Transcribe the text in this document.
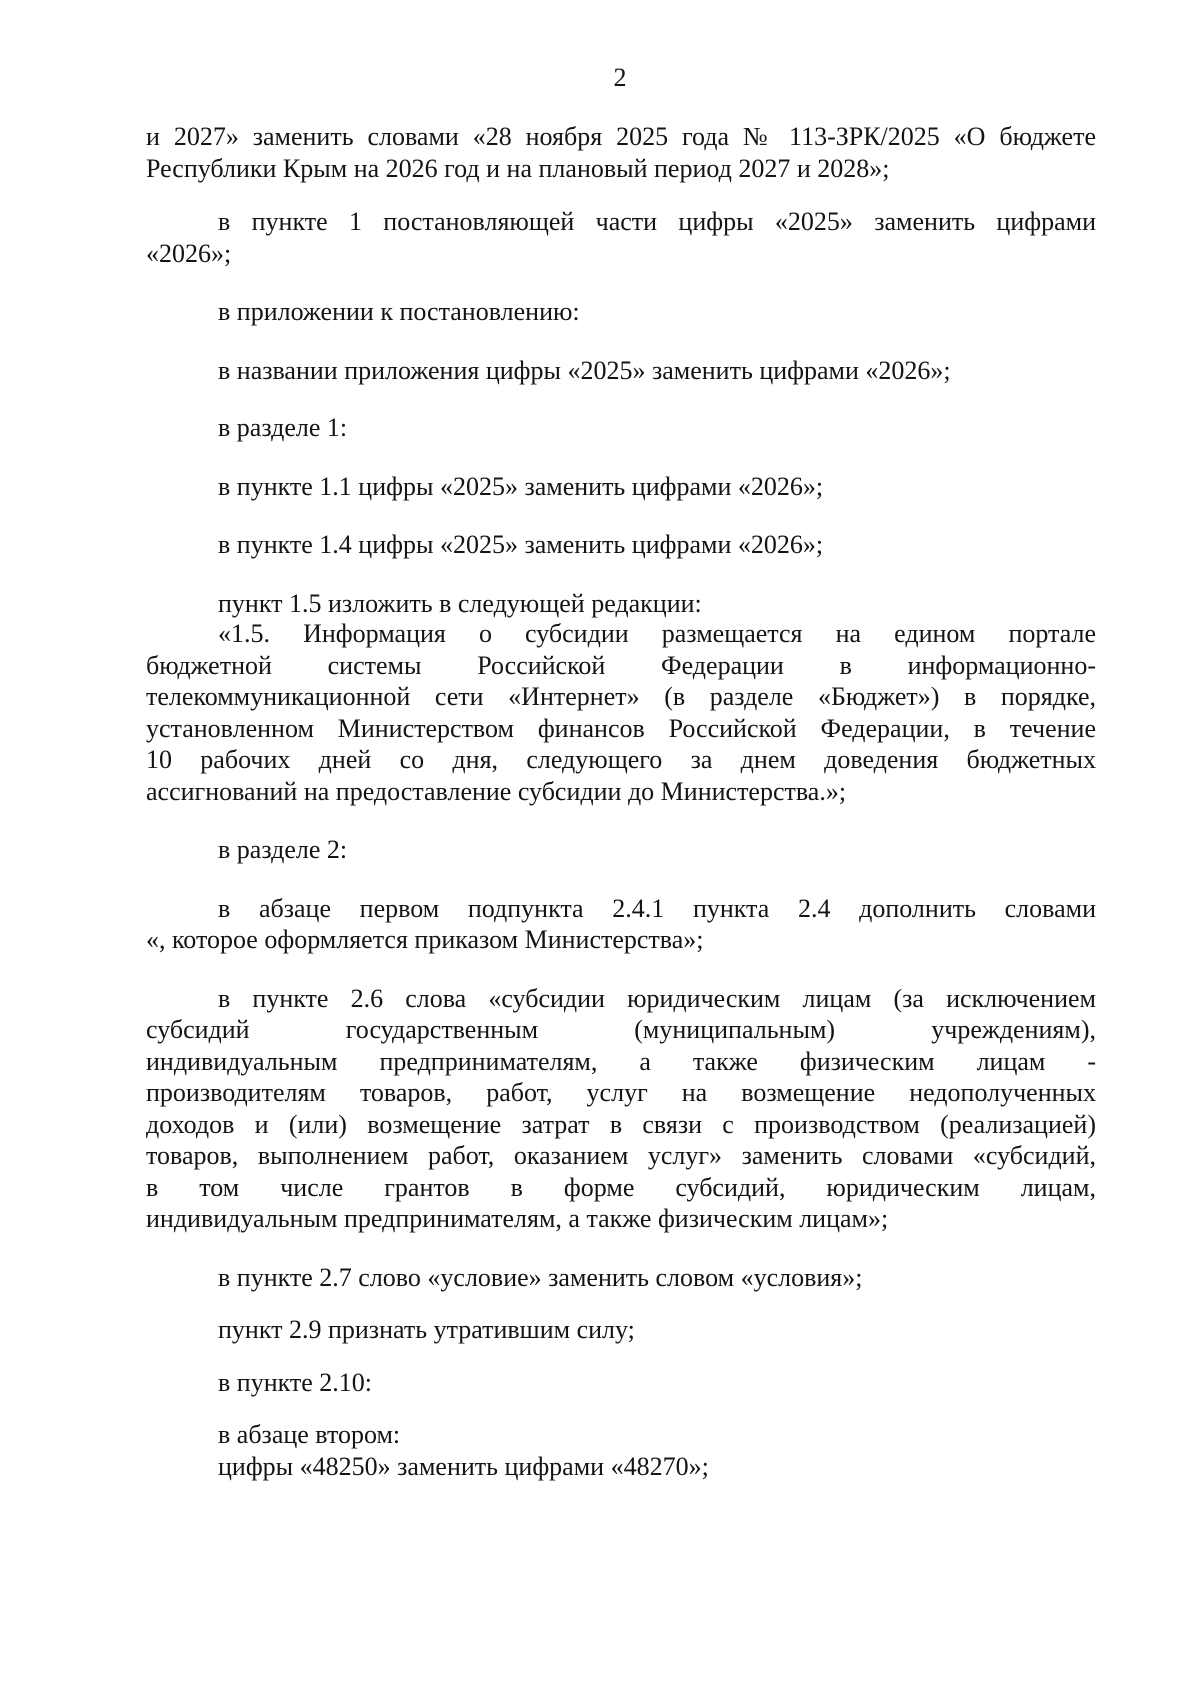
2

и 2027» заменить словами «28 ноября 2025 года № 113-ЗРК/2025 «О бюджете
Республики Крым на 2026 год и на плановый период 2027 и 2028»;

в пункте 1 постановляющей части цифры «2025» заменить цифрами
«2026»;

в приложении к постановлению:

в названии приложения цифры «2025» заменить цифрами «2026»;

в разделе 1:

в пункте 1.1 цифры «2025» заменить цифрами «2026»;

в пункте 1.4 цифры «2025» заменить цифрами «2026»;

пункт 1.5 изложить в следующей редакции:

«1.5. Информация о субсидии размещается на едином портале
бюджетной системы Российской Федерации в информационно-
телекоммуникационной сети «Интернет» (в разделе «Бюджет») в порядке,
установленном Министерством финансов Российской Федерации, в течение
10 рабочих дней со дня, следующего за днем доведения бюджетных
ассигнований на предоставление субсидии до Министерства.»;

в разделе 2:

в абзаце первом подпункта 2.4.1 пункта 2.4 дополнить словами
«, которое оформляется приказом Министерства»;

в пункте 2.6 слова «субсидии юридическим лицам (за исключением
субсидий государственным (муниципальным) учреждениям),
индивидуальным предпринимателям, а также физическим лицам -
производителям товаров, работ, услуг на возмещение недополученных
доходов и (или) возмещение затрат в связи с производством (реализацией)
товаров, выполнением работ, оказанием услуг» заменить словами «субсидий,
в том числе грантов в форме субсидий, юридическим лицам,
индивидуальным предпринимателям, а также физическим лицам»;

в пункте 2.7 слово «условие» заменить словом «условия»;

пункт 2.9 признать утратившим силу;

в пункте 2.10:

в абзаце втором:
цифры «48250» заменить цифрами «48270»;
